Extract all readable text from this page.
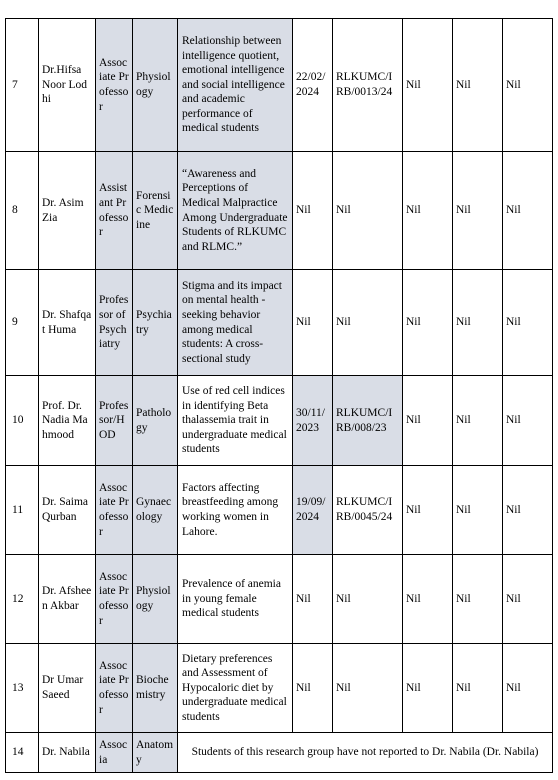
7	Dr.Hifsa Noor Lodhi	Associate Professor	Physiology	Relationship between intelligence quotient, emotional intelligence and social intelligence and academic performance of medical students	22/02/2024	RLKUMC/IRB/0013/24	Nil	Nil	Nil
8	Dr. Asim Zia	Assistant Professor	Forensic Medicine	“Awareness and Perceptions of Medical Malpractice Among Undergraduate Students of RLKUMC and RLMC.”	Nil	Nil	Nil	Nil	Nil
9	Dr. Shafqat Huma	Professor of Psychiatry	Psychiatry	Stigma and its impact on mental health -seeking behavior among medical students: A cross-sectional study	Nil	Nil	Nil	Nil	Nil
10	Prof. Dr. Nadia Mahmood	Professor/HOD	Pathology	Use of red cell indices in identifying Beta thalassemia trait in undergraduate medical students	30/11/2023	RLKUMC/IRB/008/23	Nil	Nil	Nil
11	Dr. Saima Qurban	Associate Professor	Gynaecology	Factors affecting breastfeeding among working women in Lahore.	19/09/2024	RLKUMC/IRB/0045/24	Nil	Nil	Nil
12	Dr. Afsheen Akbar	Associate Professor	Physiology	Prevalence of anemia in young female medical students	Nil	Nil	Nil	Nil	Nil
13	Dr Umar Saeed	Associate Professor	Biochemistry	Dietary preferences and Assessment of Hypocaloric diet by undergraduate medical students	Nil	Nil	Nil	Nil	Nil
14	Dr. Nabila	Associa	Anatomy	Students of this research group have not reported to Dr. Nabila (Dr. Nabila)					
